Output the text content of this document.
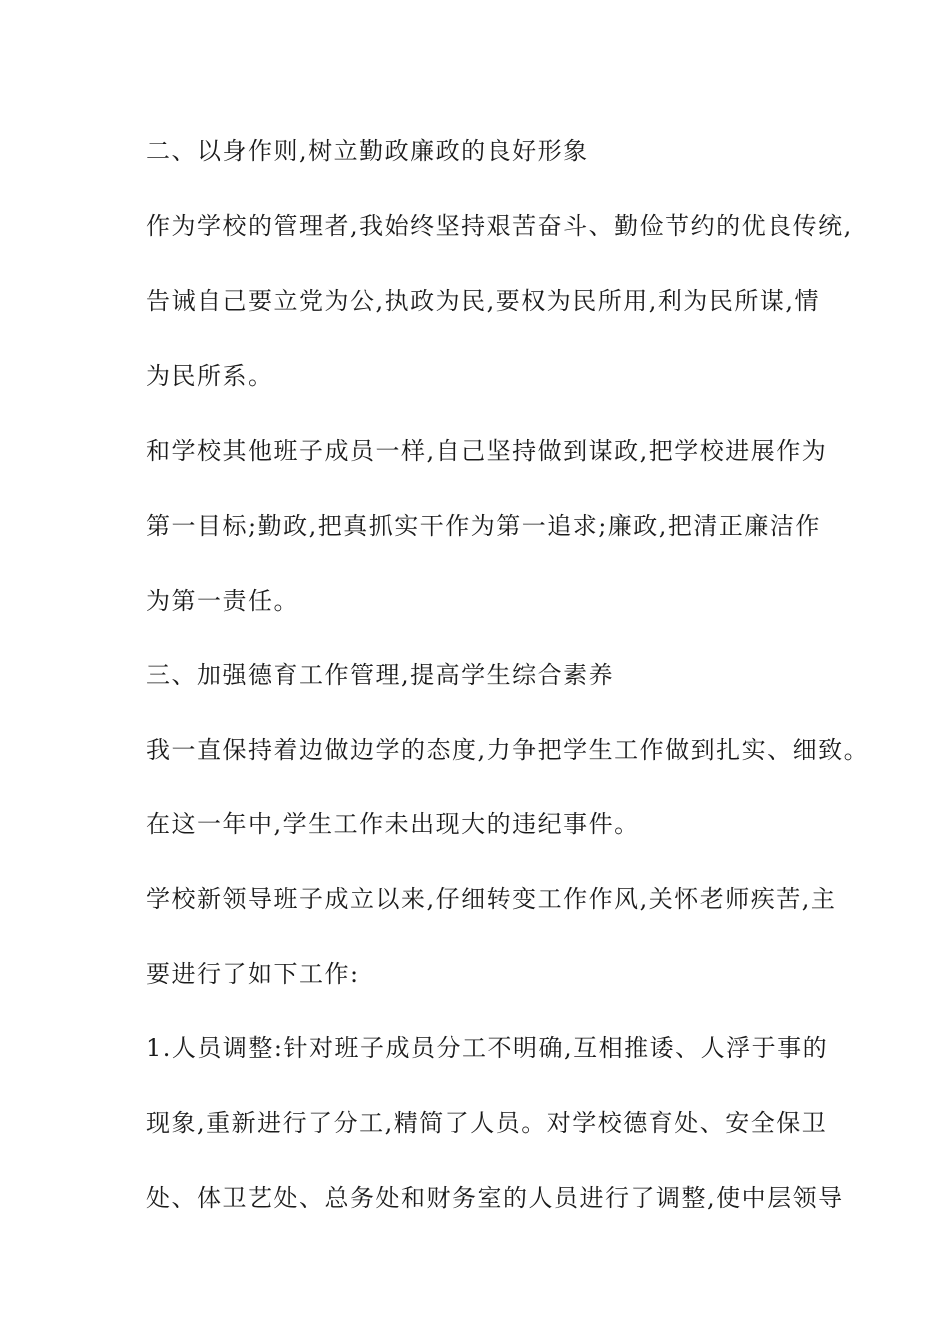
二、以身作则,树立勤政廉政的良好形象
作为学校的管理者,我始终坚持艰苦奋斗、勤俭节约的优良传统,
告诫自己要立党为公,执政为民,要权为民所用,利为民所谋,情
为民所系。
和学校其他班子成员一样,自己坚持做到谋政,把学校进展作为
第一目标;勤政,把真抓实干作为第一追求;廉政,把清正廉洁作
为第一责任。
三、加强德育工作管理,提高学生综合素养
我一直保持着边做边学的态度,力争把学生工作做到扎实、细致。
在这一年中,学生工作未出现大的违纪事件。
学校新领导班子成立以来,仔细转变工作作风,关怀老师疾苦,主
要进行了如下工作:
1.人员调整:针对班子成员分工不明确,互相推诿、人浮于事的
现象,重新进行了分工,精简了人员。对学校德育处、安全保卫
处、体卫艺处、总务处和财务室的人员进行了调整,使中层领导
